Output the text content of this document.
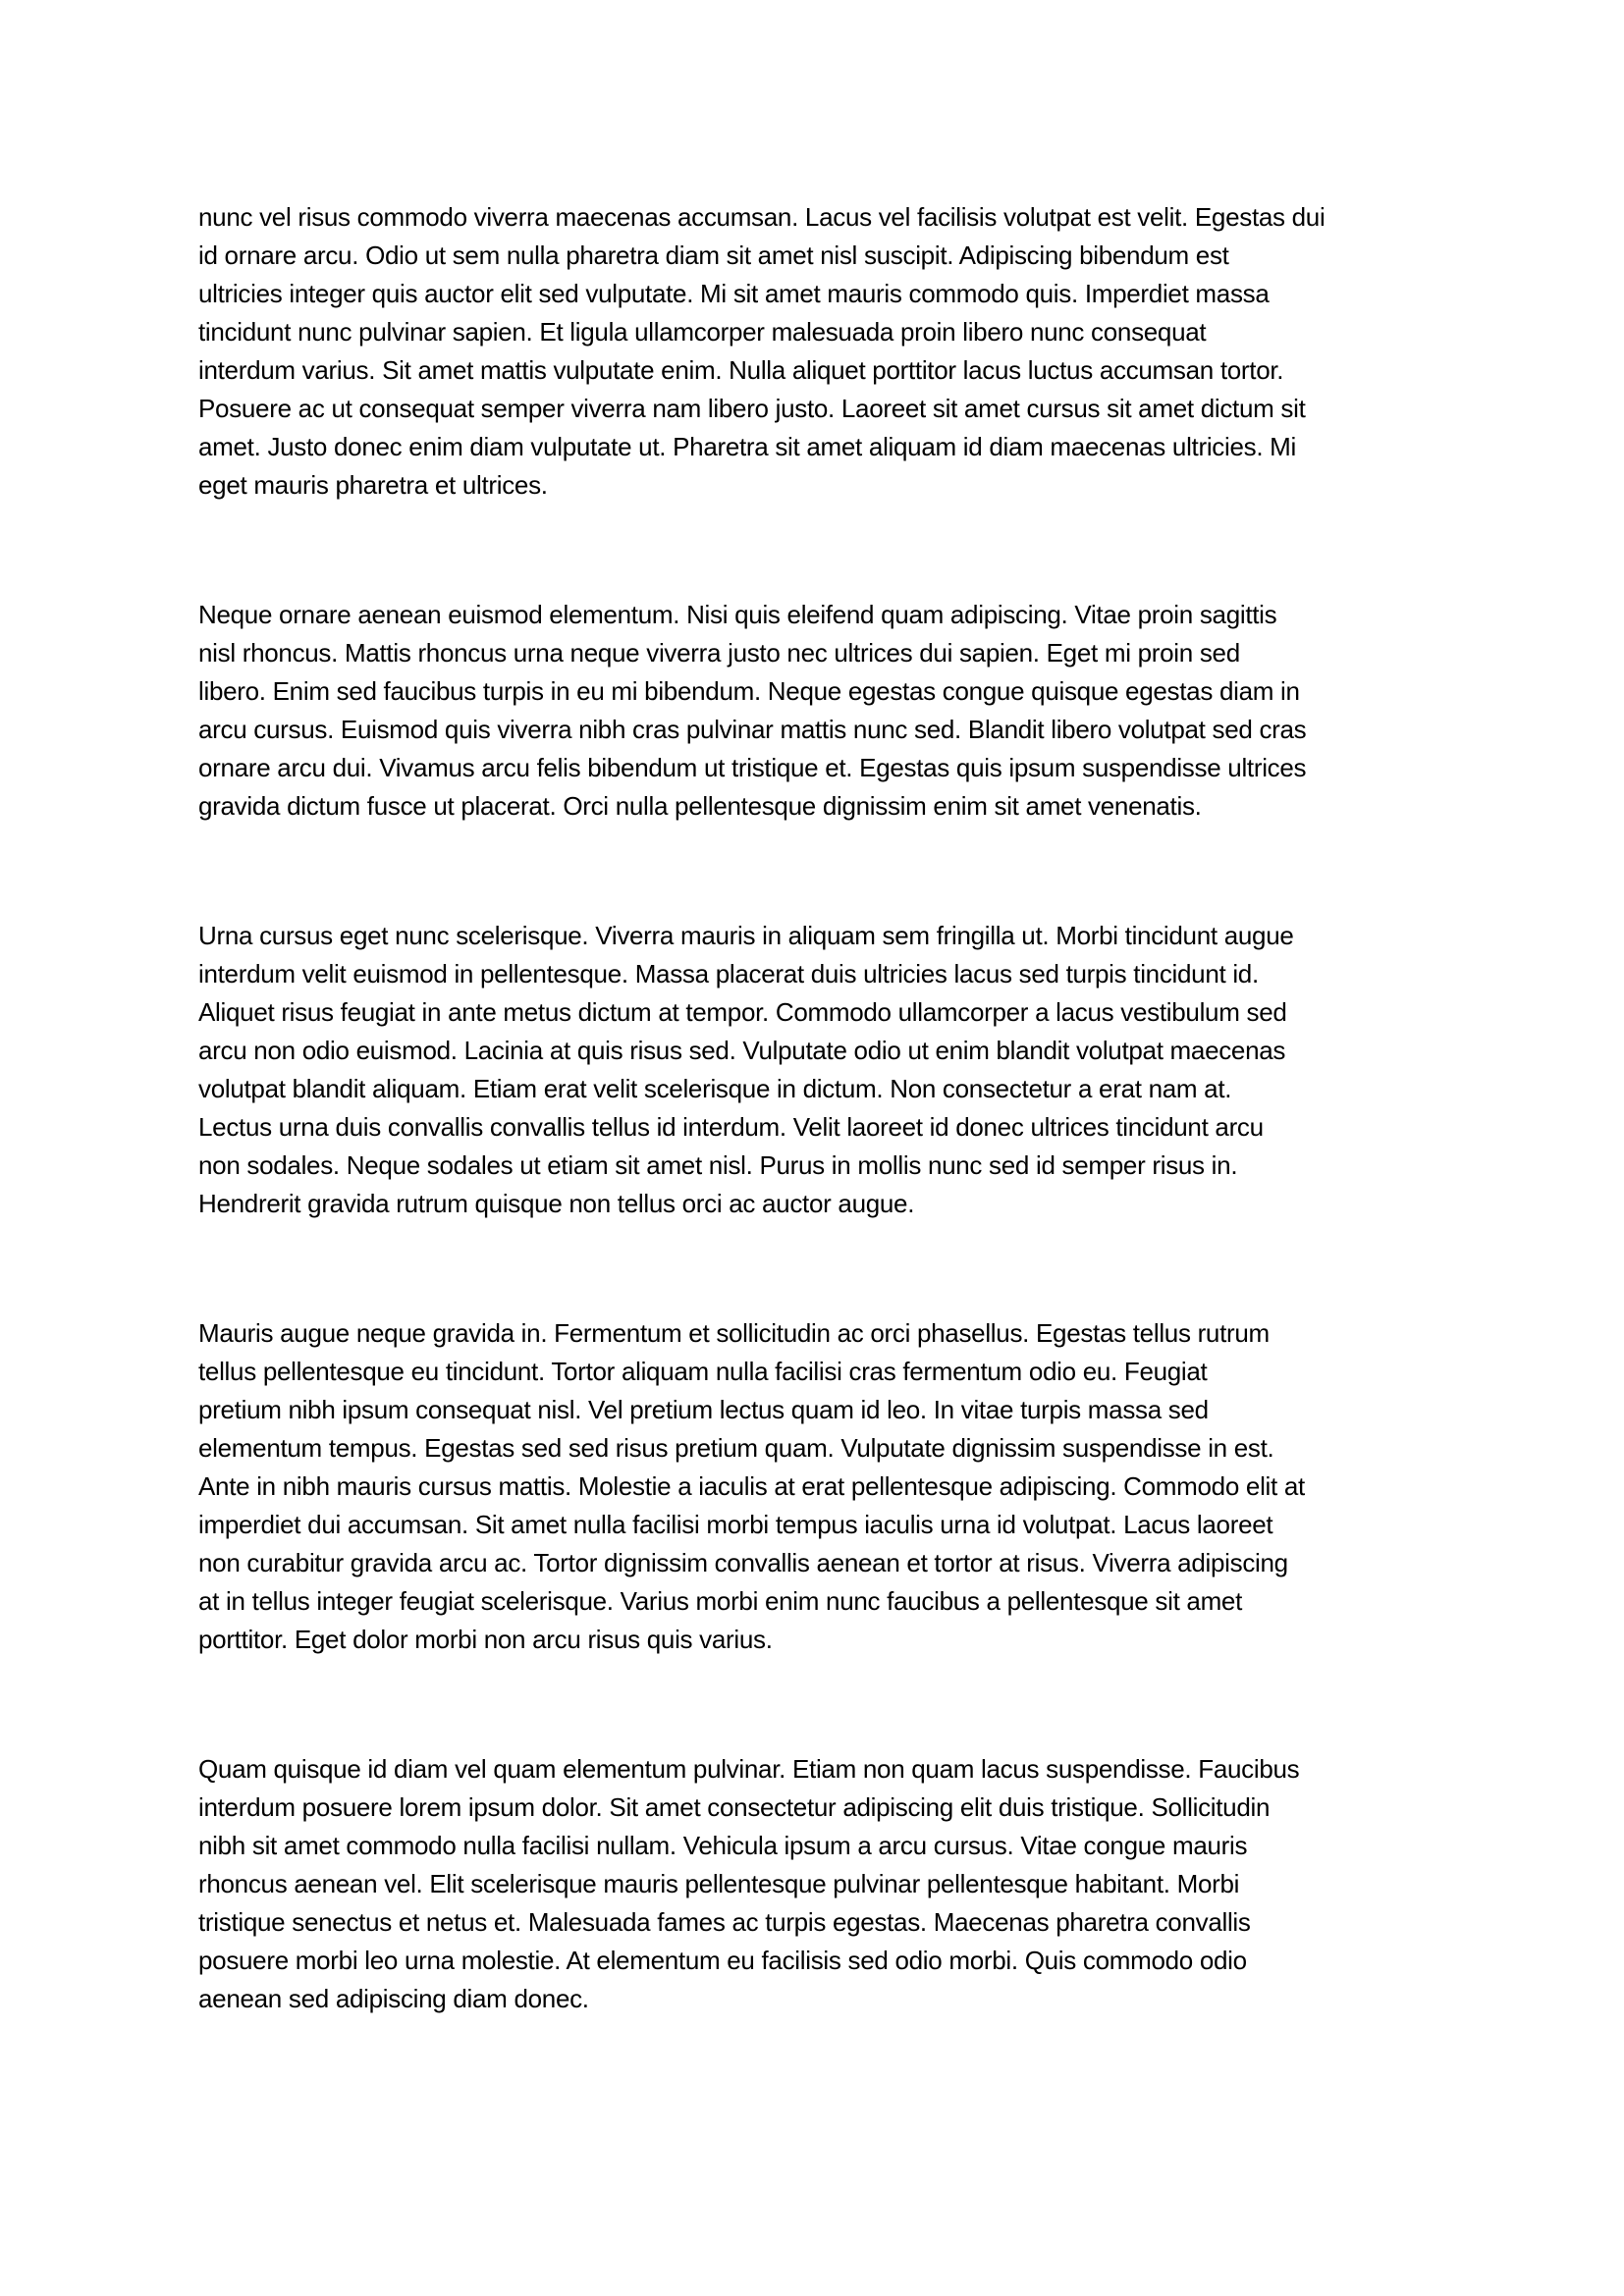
nunc vel risus commodo viverra maecenas accumsan. Lacus vel facilisis volutpat est velit. Egestas dui
id ornare arcu. Odio ut sem nulla pharetra diam sit amet nisl suscipit. Adipiscing bibendum est
ultricies integer quis auctor elit sed vulputate. Mi sit amet mauris commodo quis. Imperdiet massa
tincidunt nunc pulvinar sapien. Et ligula ullamcorper malesuada proin libero nunc consequat
interdum varius. Sit amet mattis vulputate enim. Nulla aliquet porttitor lacus luctus accumsan tortor.
Posuere ac ut consequat semper viverra nam libero justo. Laoreet sit amet cursus sit amet dictum sit
amet. Justo donec enim diam vulputate ut. Pharetra sit amet aliquam id diam maecenas ultricies. Mi
eget mauris pharetra et ultrices.

Neque ornare aenean euismod elementum. Nisi quis eleifend quam adipiscing. Vitae proin sagittis
nisl rhoncus. Mattis rhoncus urna neque viverra justo nec ultrices dui sapien. Eget mi proin sed
libero. Enim sed faucibus turpis in eu mi bibendum. Neque egestas congue quisque egestas diam in
arcu cursus. Euismod quis viverra nibh cras pulvinar mattis nunc sed. Blandit libero volutpat sed cras
ornare arcu dui. Vivamus arcu felis bibendum ut tristique et. Egestas quis ipsum suspendisse ultrices
gravida dictum fusce ut placerat. Orci nulla pellentesque dignissim enim sit amet venenatis.

Urna cursus eget nunc scelerisque. Viverra mauris in aliquam sem fringilla ut. Morbi tincidunt augue
interdum velit euismod in pellentesque. Massa placerat duis ultricies lacus sed turpis tincidunt id.
Aliquet risus feugiat in ante metus dictum at tempor. Commodo ullamcorper a lacus vestibulum sed
arcu non odio euismod. Lacinia at quis risus sed. Vulputate odio ut enim blandit volutpat maecenas
volutpat blandit aliquam. Etiam erat velit scelerisque in dictum. Non consectetur a erat nam at.
Lectus urna duis convallis convallis tellus id interdum. Velit laoreet id donec ultrices tincidunt arcu
non sodales. Neque sodales ut etiam sit amet nisl. Purus in mollis nunc sed id semper risus in.
Hendrerit gravida rutrum quisque non tellus orci ac auctor augue.

Mauris augue neque gravida in. Fermentum et sollicitudin ac orci phasellus. Egestas tellus rutrum
tellus pellentesque eu tincidunt. Tortor aliquam nulla facilisi cras fermentum odio eu. Feugiat
pretium nibh ipsum consequat nisl. Vel pretium lectus quam id leo. In vitae turpis massa sed
elementum tempus. Egestas sed sed risus pretium quam. Vulputate dignissim suspendisse in est.
Ante in nibh mauris cursus mattis. Molestie a iaculis at erat pellentesque adipiscing. Commodo elit at
imperdiet dui accumsan. Sit amet nulla facilisi morbi tempus iaculis urna id volutpat. Lacus laoreet
non curabitur gravida arcu ac. Tortor dignissim convallis aenean et tortor at risus. Viverra adipiscing
at in tellus integer feugiat scelerisque. Varius morbi enim nunc faucibus a pellentesque sit amet
porttitor. Eget dolor morbi non arcu risus quis varius.

Quam quisque id diam vel quam elementum pulvinar. Etiam non quam lacus suspendisse. Faucibus
interdum posuere lorem ipsum dolor. Sit amet consectetur adipiscing elit duis tristique. Sollicitudin
nibh sit amet commodo nulla facilisi nullam. Vehicula ipsum a arcu cursus. Vitae congue mauris
rhoncus aenean vel. Elit scelerisque mauris pellentesque pulvinar pellentesque habitant. Morbi
tristique senectus et netus et. Malesuada fames ac turpis egestas. Maecenas pharetra convallis
posuere morbi leo urna molestie. At elementum eu facilisis sed odio morbi. Quis commodo odio
aenean sed adipiscing diam donec.
